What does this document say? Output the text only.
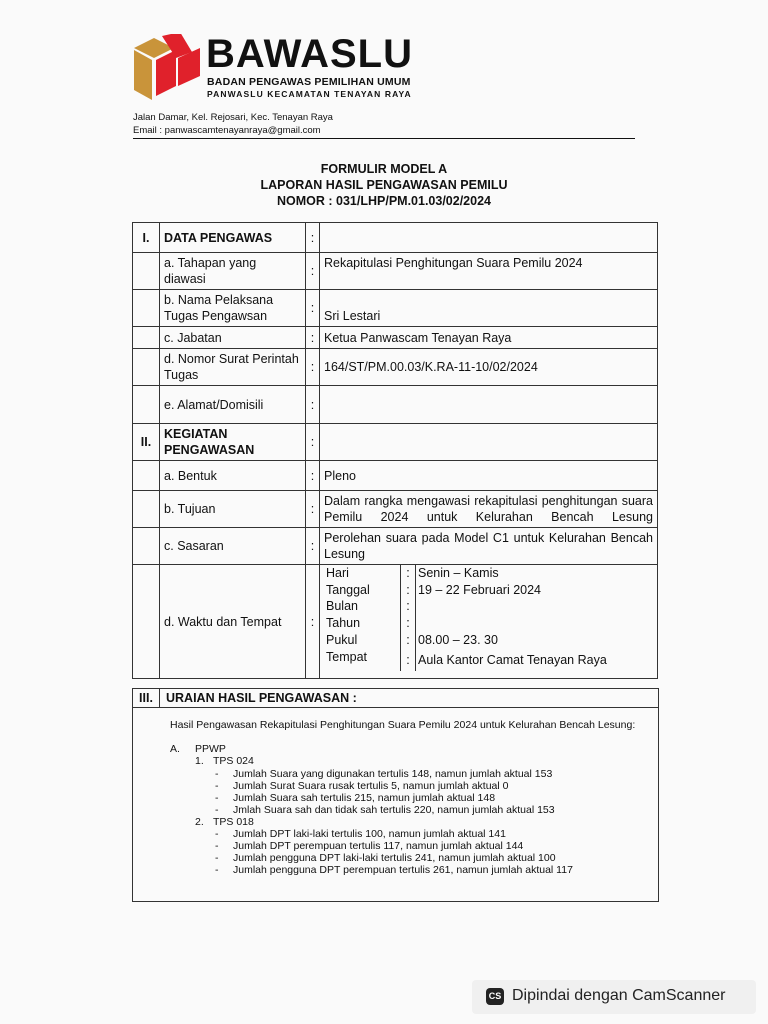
BAWASLU
BADAN PENGAWAS PEMILIHAN UMUM
PANWASLU KECAMATAN TENAYAN RAYA
Jalan Damar, Kel. Rejosari, Kec. Tenayan Raya
Email : panwascamtenayanraya@gmail.com
FORMULIR MODEL A
LAPORAN HASIL PENGAWASAN PEMILU
NOMOR : 031/LHP/PM.01.03/02/2024
I.	DATA PENGAWAS	:	
	a. Tahapan yang diawasi	:	Rekapitulasi Penghitungan Suara Pemilu 2024
	b. Nama Pelaksana Tugas Pengawsan	:	Sri Lestari
	c. Jabatan	:	Ketua Panwascam Tenayan Raya
	d. Nomor Surat Perintah Tugas	:	164/ST/PM.00.03/K.RA-11-10/02/2024
	e. Alamat/Domisili	:	
II.	KEGIATAN PENGAWASAN	:	
	a. Bentuk	:	Pleno
	b. Tujuan	:	Dalam rangka mengawasi rekapitulasi penghitungan suara Pemilu 2024 untuk Kelurahan Bencah Lesung
	c. Sasaran	:	Perolehan suara pada Model C1 untuk Kelurahan Bencah Lesung
	d. Waktu dan Tempat	:	
Hari	:	Senin – Kamis
Tanggal	:	19 – 22 Februari 2024
Bulan	:	
Tahun	:	
Pukul	:	08.00 – 23. 30
Tempat	:	Aula Kantor Camat Tenayan Raya
III.	URAIAN HASIL PENGAWASAN :
Hasil Pengawasan Rekapitulasi Penghitungan Suara Pemilu 2024 untuk Kelurahan Bencah Lesung:
A. PPWP
1. TPS 024
- Jumlah Suara yang digunakan tertulis 148, namun jumlah aktual 153
- Jumlah Surat Suara rusak tertulis 5, namun jumlah aktual 0
- Jumlah Suara sah tertulis 215, namun jumlah aktual 148
- Jmlah Suara sah dan tidak sah tertulis 220, namun jumlah aktual 153
2. TPS 018
- Jumlah DPT laki-laki tertulis 100, namun jumlah aktual 141
- Jumlah DPT perempuan tertulis 117, namun jumlah aktual 144
- Jumlah pengguna DPT laki-laki tertulis 241, namun jumlah aktual 100
- Jumlah pengguna DPT perempuan tertulis 261, namun jumlah aktual 117
CS Dipindai dengan CamScanner
